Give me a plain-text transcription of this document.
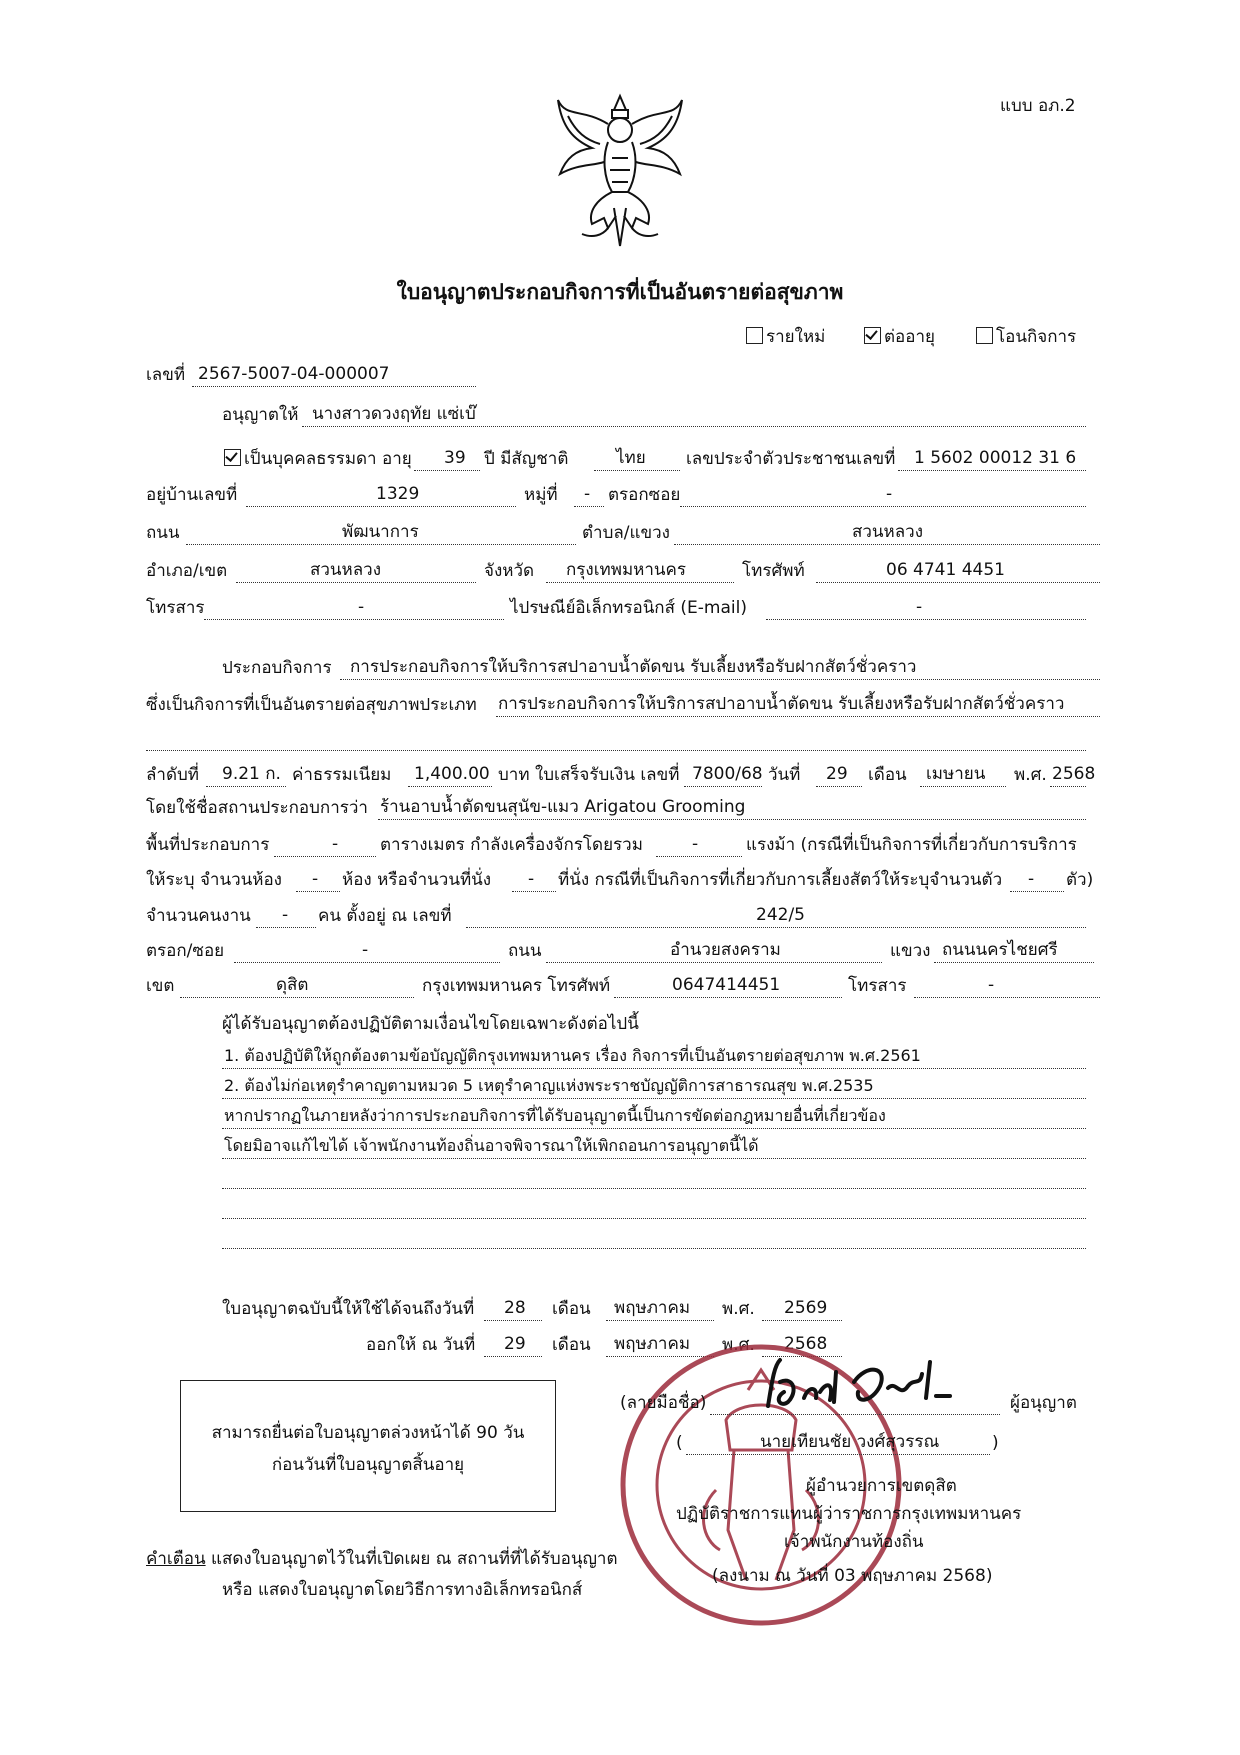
แบบ อภ.2
ใบอนุญาตประกอบกิจการที่เป็นอันตรายต่อสุขภาพ
รายใหม่	ต่ออายุ	โอนกิจการ
เลขที่ 2567-5007-04-000007
อนุญาตให้ นางสาวดวงฤทัย แซ่เบ๊
เป็นบุคคลธรรมดา อายุ 39 ปี มีสัญชาติ	ไทย เลขประจำตัวประชาชนเลขที่ 1 5602 00012 31 6
อยู่บ้านเลขที่	1329	หมู่ที่ - ตรอกซอย	-
ถนน	พัฒนาการ	ตำบล/แขวง	สวนหลวง
อำเภอ/เขต	สวนหลวง	จังหวัด กรุงเทพมหานคร	โทรศัพท์	06 4741 4451
โทรสาร	-	ไปรษณีย์อิเล็กทรอนิกส์ (E-mail)	-
ประกอบกิจการ การประกอบกิจการให้บริการสปาอาบน้ำตัดขน รับเลี้ยงหรือรับฝากสัตว์ชั่วคราว
ซึ่งเป็นกิจการที่เป็นอันตรายต่อสุขภาพประเภท การประกอบกิจการให้บริการสปาอาบน้ำตัดขน รับเลี้ยงหรือรับฝากสัตว์ชั่วคราว
ลำดับที่ 9.21 ก. ค่าธรรมเนียม 1,400.00 บาท ใบเสร็จรับเงิน เลขที่ 7800/68 วันที่ 29 เดือน เมษายน พ.ศ. 2568
โดยใช้ชื่อสถานประกอบการว่า ร้านอาบน้ำตัดขนสุนัข-แมว Arigatou Grooming
พื้นที่ประกอบการ	- ตารางเมตร กำลังเครื่องจักรโดยรวม	-	แรงม้า (กรณีที่เป็นกิจการที่เกี่ยวกับการบริการ
ให้ระบุ จำนวนห้อง - ห้อง หรือจำนวนที่นั่ง - ที่นั่ง กรณีที่เป็นกิจการที่เกี่ยวกับการเลี้ยงสัตว์ให้ระบุจำนวนตัว - ตัว)
จำนวนคนงาน - คน ตั้งอยู่ ณ เลขที่	242/5
ตรอก/ซอย	-	ถนน	อำนวยสงคราม	แขวง ถนนนครไชยศรี
เขต	ดุสิต	กรุงเทพมหานคร โทรศัพท์	0647414451	โทรสาร	-
ผู้ได้รับอนุญาตต้องปฏิบัติตามเงื่อนไขโดยเฉพาะดังต่อไปนี้
1. ต้องปฏิบัติให้ถูกต้องตามข้อบัญญัติกรุงเทพมหานคร เรื่อง กิจการที่เป็นอันตรายต่อสุขภาพ พ.ศ.2561
2. ต้องไม่ก่อเหตุรำคาญตามหมวด 5 เหตุรำคาญแห่งพระราชบัญญัติการสาธารณสุข พ.ศ.2535
หากปรากฏในภายหลังว่าการประกอบกิจการที่ได้รับอนุญาตนี้เป็นการขัดต่อกฎหมายอื่นที่เกี่ยวข้อง
โดยมิอาจแก้ไขได้ เจ้าพนักงานท้องถิ่นอาจพิจารณาให้เพิกถอนการอนุญาตนี้ได้
ใบอนุญาตฉบับนี้ให้ใช้ได้จนถึงวันที่ 28 เดือน พฤษภาคม พ.ศ. 2569
ออกให้ ณ วันที่ 29 เดือน พฤษภาคม พ.ศ. 2568
สามารถยื่นต่อใบอนุญาตล่วงหน้าได้ 90 วัน
ก่อนวันที่ใบอนุญาตสิ้นอายุ
คำเตือน แสดงใบอนุญาตไว้ในที่เปิดเผย ณ สถานที่ที่ได้รับอนุญาต
หรือ แสดงใบอนุญาตโดยวิธีการทางอิเล็กทรอนิกส์
(ลายมือชื่อ)	ผู้อนุญาต
(	นายเทียนชัย วงศ์สุวรรณ	)
ผู้อำนวยการเขตดุสิต
ปฏิบัติราชการแทนผู้ว่าราชการกรุงเทพมหานคร
เจ้าพนักงานท้องถิ่น
(ลงนาม ณ วันที่ 03 พฤษภาคม 2568)
